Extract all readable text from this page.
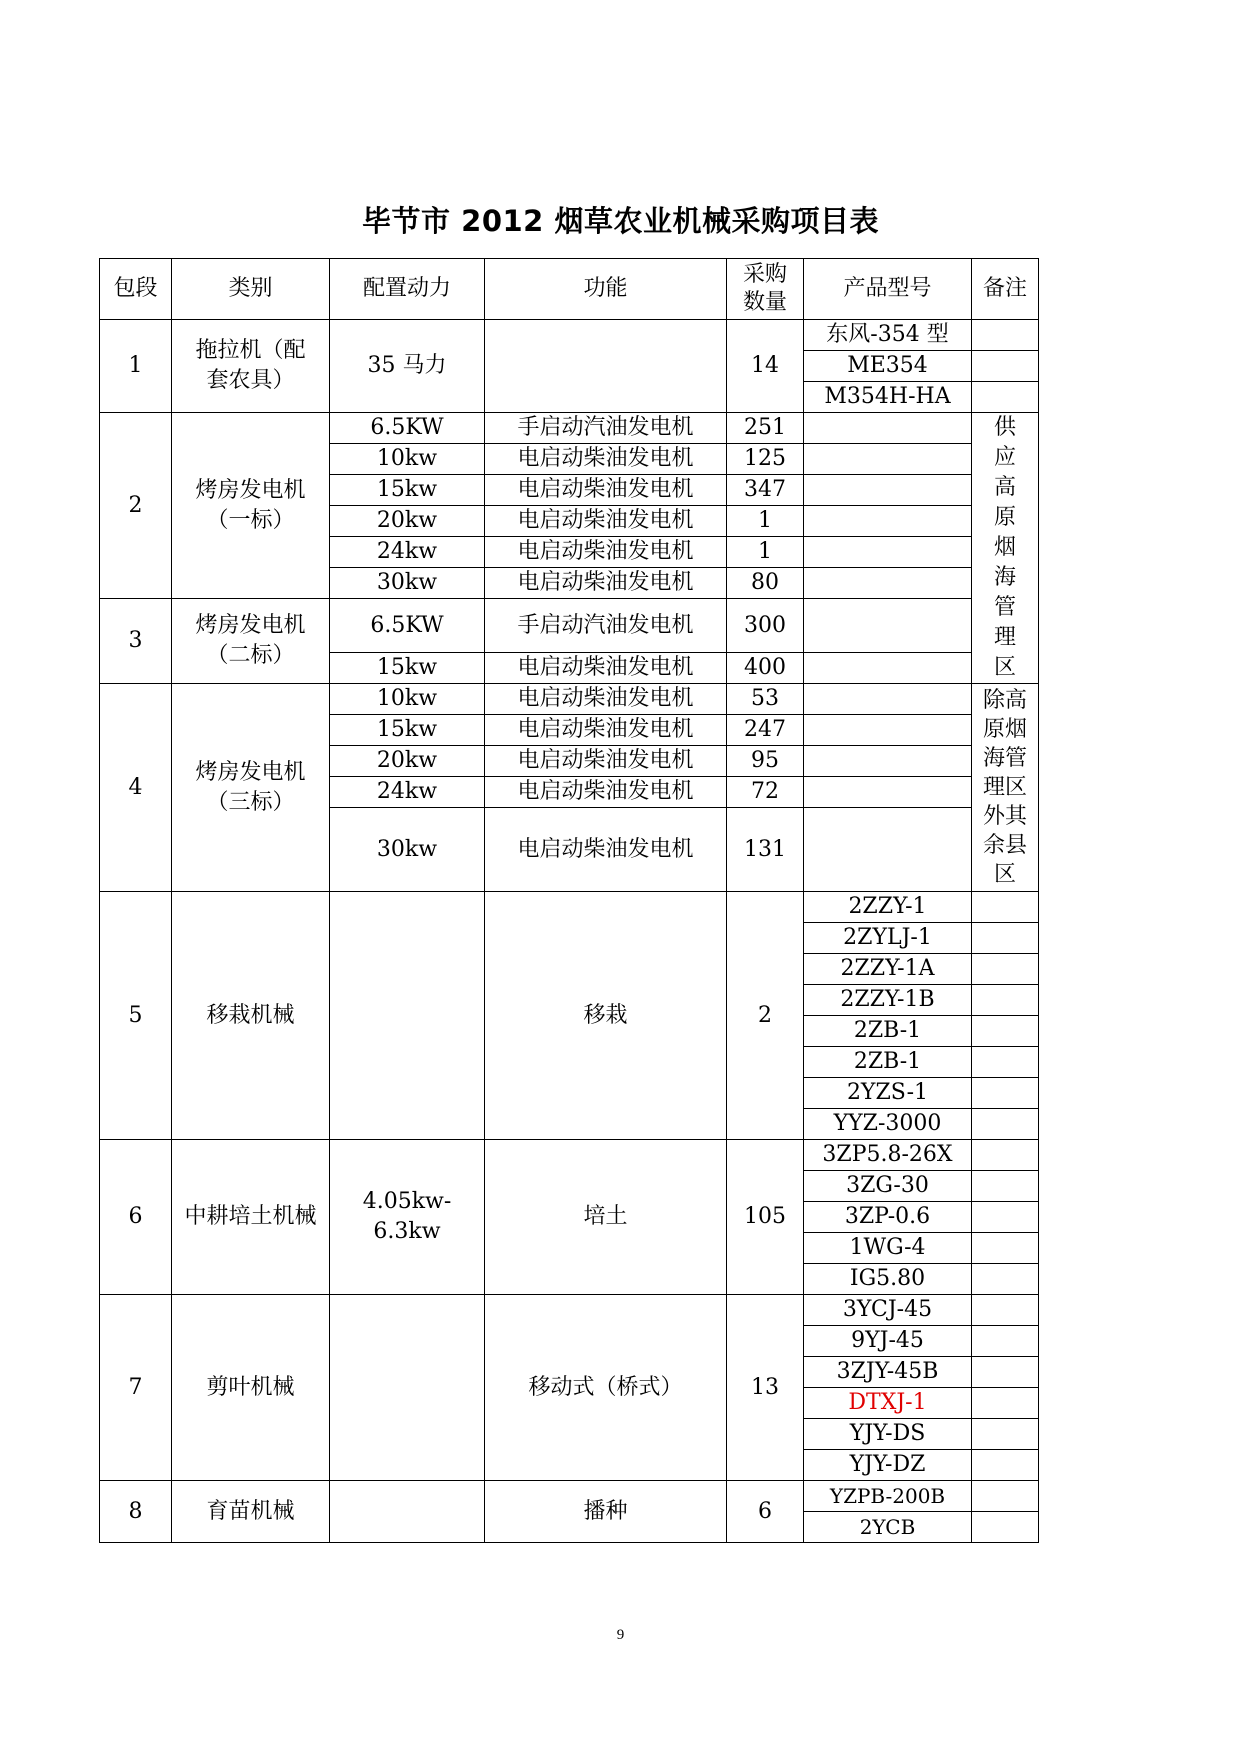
毕节市 2012 烟草农业机械采购项目表
包段	类别	配置动力	功能	采购数量	产品型号	备注
1	拖拉机（配套农具）	35 马力		14	东风-354 型	
					ME354	
					M354H-HA	
2	烤房发电机（一标）	6.5KW	手启动汽油发电机	251		供应高原烟海管理区

		10kw	电启动柴油发电机	125		
		15kw	电启动柴油发电机	347		
		20kw	电启动柴油发电机	1		
		24kw	电启动柴油发电机	1		
		30kw	电启动柴油发电机	80		
3	烤房发电机（二标）	6.5KW	手启动汽油发电机	300		
		15kw	电启动柴油发电机	400		
4	烤房发电机（三标）	10kw	电启动柴油发电机	53		除高原烟海管理区外其余县区

		15kw	电启动柴油发电机	247		
		20kw	电启动柴油发电机	95		
		24kw	电启动柴油发电机	72		
		30kw	电启动柴油发电机	131		
5	移栽机械		移栽	2	2ZZY-1	
					2ZYLJ-1	
					2ZZY-1A	
					2ZZY-1B	
					2ZB-1	
					2ZB-1	
					2YZS-1	
					YYZ-3000	
6	中耕培土机械	4.05kw-6.3kw	培土	105	3ZP5.8-26X	
					3ZG-30	
					3ZP-0.6	
					1WG-4	
					IG5.80	
7	剪叶机械		移动式（桥式）	13	3YCJ-45	
					9YJ-45	
					3ZJY-45B	
					DTXJ-1	
					YJY-DS	
					YJY-DZ	
8	育苗机械		播种	6	YZPB-200B	
					2YCB	
9
